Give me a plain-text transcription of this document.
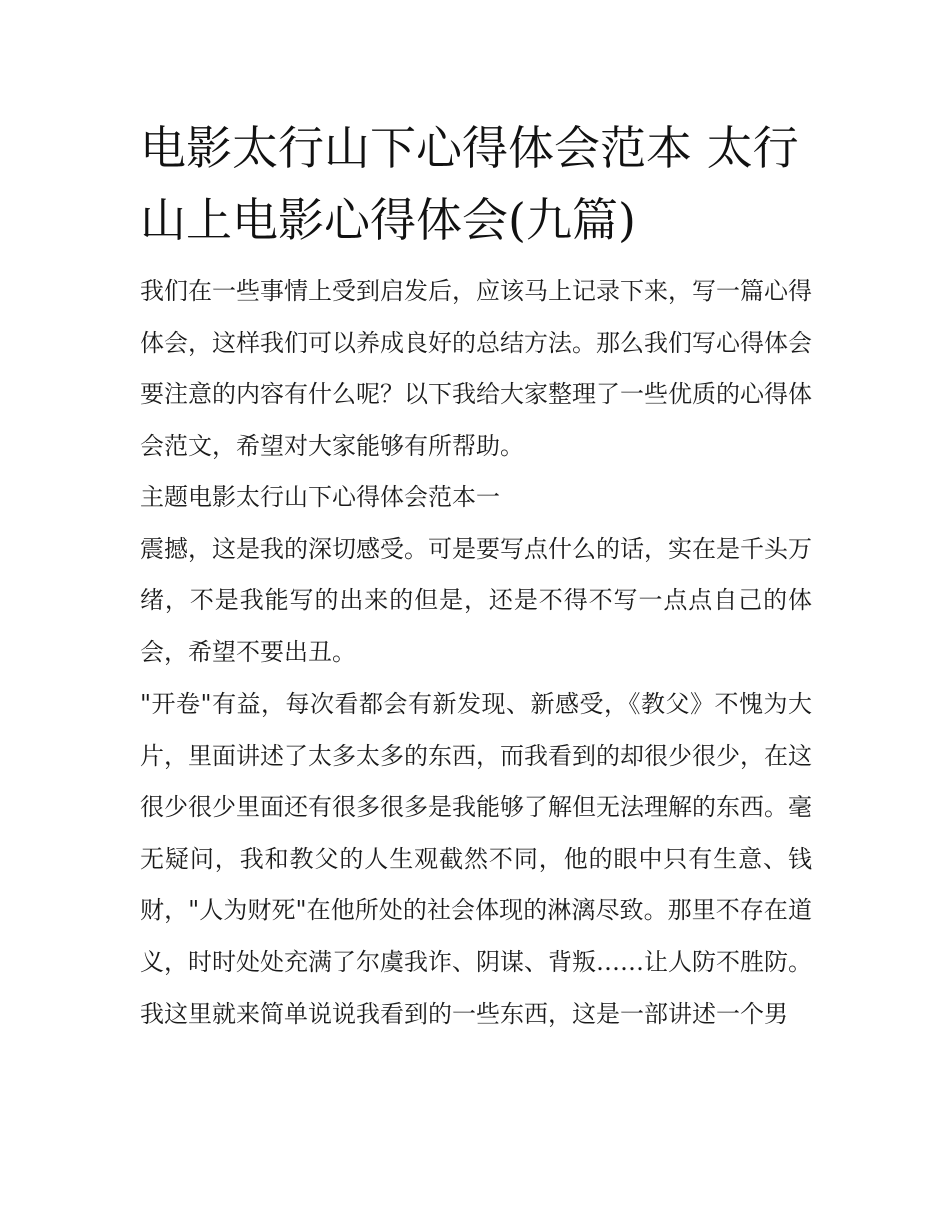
电影太行山下心得体会范本 太行山上电影心得体会(九篇)

我们在一些事情上受到启发后，应该马上记录下来，写一篇心得体会，这样我们可以养成良好的总结方法。那么我们写心得体会要注意的内容有什么呢？以下我给大家整理了一些优质的心得体会范文，希望对大家能够有所帮助。

主题电影太行山下心得体会范本一

震撼，这是我的深切感受。可是要写点什么的话，实在是千头万绪，不是我能写的出来的但是，还是不得不写一点点自己的体会，希望不要出丑。

"开卷"有益，每次看都会有新发现、新感受，《教父》不愧为大片，里面讲述了太多太多的东西，而我看到的却很少很少，在这很少很少里面还有很多很多是我能够了解但无法理解的东西。毫无疑问，我和教父的人生观截然不同，他的眼中只有生意、钱财，"人为财死"在他所处的社会体现的淋漓尽致。那里不存在道义，时时处处充满了尔虞我诈、阴谋、背叛……让人防不胜防。

我这里就来简单说说我看到的一些东西，这是一部讲述一个男
